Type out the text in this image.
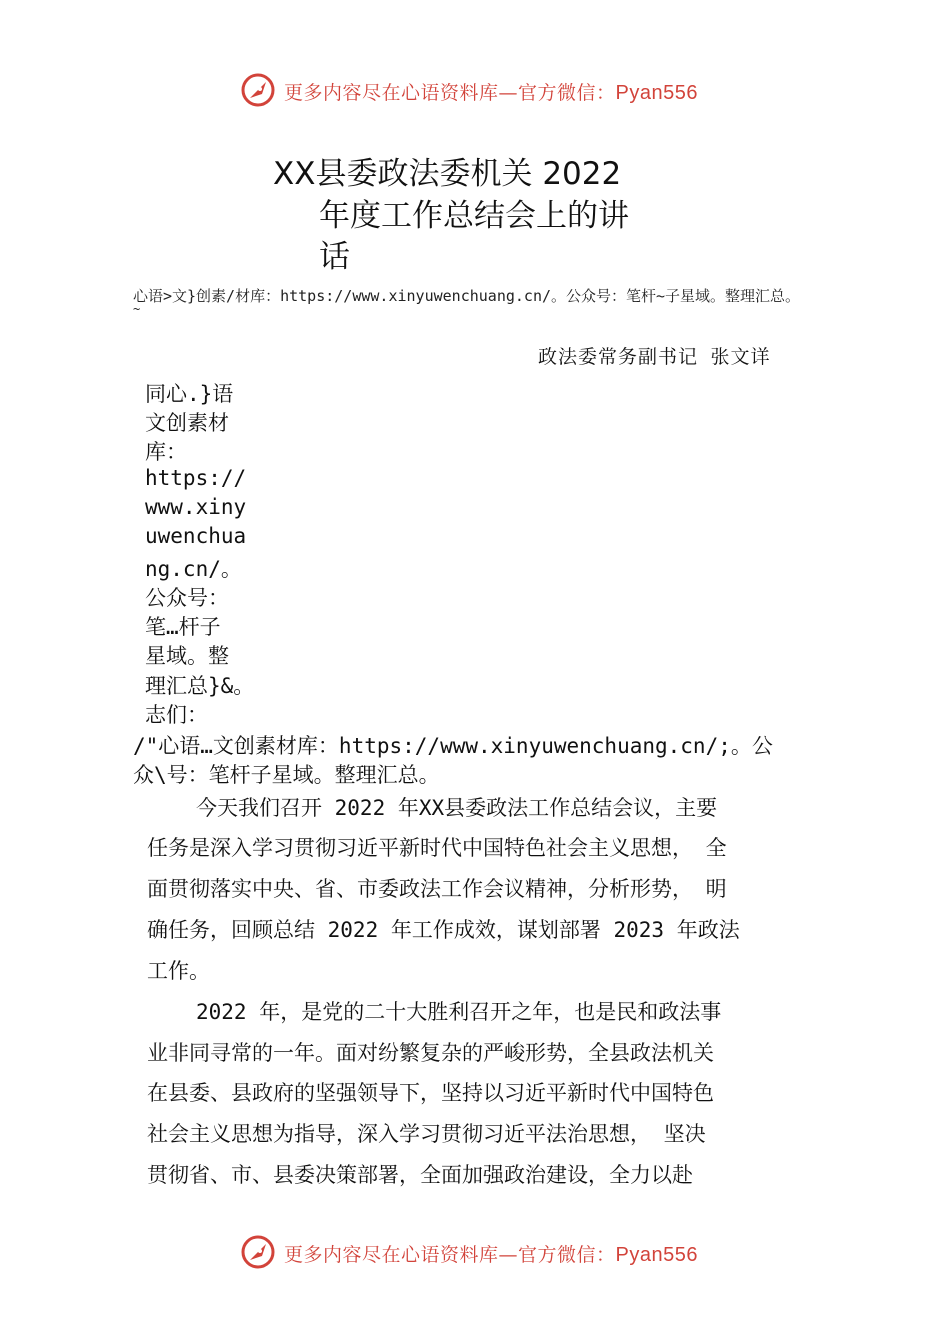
更多内容尽在心语资料库—官方微信：Pyan556
XX县委政法委机关 2022
年度工作总结会上的讲
话
心语>文}创素/材库：https://www.xinyuwenchuang.cn/。公众号：笔杆~子星域。整理汇总。
~
政法委常务副书记 张文详
同心.}语
文创素材
库：
https://
www.xiny
uwenchua
ng.cn/。
公众号：
笔…杆子
星域。整
理汇总}&。
志们：
/"心语…文创素材库：https://www.xinyuwenchuang.cn/;。公
众\号：笔杆子星域。整理汇总。
今天我们召开 2022 年XX县委政法工作总结会议，主要
任务是深入学习贯彻习近平新时代中国特色社会主义思想， 全
面贯彻落实中央、省、市委政法工作会议精神，分析形势， 明
确任务，回顾总结 2022 年工作成效，谋划部署 2023 年政法
工作。
2022 年，是党的二十大胜利召开之年，也是民和政法事
业非同寻常的一年。面对纷繁复杂的严峻形势，全县政法机关
在县委、县政府的坚强领导下，坚持以习近平新时代中国特色
社会主义思想为指导，深入学习贯彻习近平法治思想， 坚决
贯彻省、市、县委决策部署，全面加强政治建设，全力以赴
更多内容尽在心语资料库—官方微信：Pyan556
